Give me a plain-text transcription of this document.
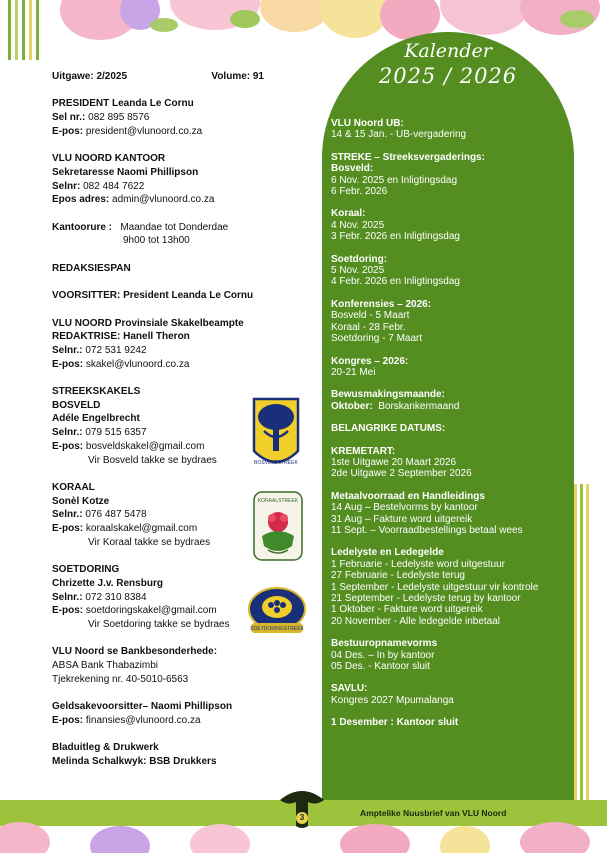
Kalender
2025 / 2026
VLU Noord UB:
14 & 15 Jan. - UB-vergadering
STREKE – Streeksvergaderings:
Bosveld:
6 Nov. 2025 en Inligtingsdag
6 Febr. 2026
Koraal:
4 Nov. 2025
3 Febr. 2026 en Inligtingsdag
Soetdoring:
5 Nov. 2025
4 Febr. 2026 en Inligtingsdag
Konferensies – 2026:
Bosveld - 5 Maart
Koraal - 28 Febr.
Soetdoring - 7 Maart
Kongres – 2026:
20-21 Mei
Bewusmakingsmaande:
Oktober: Borskankermaand
BELANGRIKE DATUMS:
KREMETART:
1ste Uitgawe 20 Maart 2026
2de Uitgawe 2 September 2026
Metaalvoorraad en Handleidings
14 Aug – Bestelvorms by kantoor
31 Aug – Fakture word uitgereik
11 Sept. – Voorraadbestellings betaal wees
Ledelyste en Ledegelde
1 Februarie - Ledelyste word uitgestuur
27 Februarie - Ledelyste terug
1 September - Ledelyste uitgestuur vir kontrole
21 September - Ledelyste terug by kantoor
1 Oktober - Fakture word uitgereik
20 November - Alle ledegelde inbetaal
Bestuuropnamevorms
04 Des. – In by kantoor
05 Des. - Kantoor sluit
SAVLU:
Kongres 2027 Mpumalanga
1 Desember : Kantoor sluit
Uitgawe: 2/2025	Volume: 91
PRESIDENT Leanda Le Cornu
Sel nr.: 082 895 8576
E-pos: president@vlunoord.co.za
VLU NOORD KANTOOR
Sekretaresse Naomi Phillipson
Selnr: 082 484 7622
Epos adres: admin@vlunoord.co.za
Kantoorure : Maandae tot Donderdae
9h00 tot 13h00
REDAKSIESPAN
VOORSITTER: President Leanda Le Cornu
VLU NOORD Provinsiale Skakelbeampte
REDAKTRISE: Hanell Theron
Selnr.: 072 531 9242
E-pos: skakel@vlunoord.co.za
STREEKSKAKELS
BOSVELD
Adéle Engelbrecht
Selnr.: 079 515 6357
E-pos: bosveldskakel@gmail.com
Vir Bosveld takke se bydraes
KORAAL
Sonèl Kotze
Selnr.: 076 487 5478
E-pos: koraalskakel@gmail.com
Vir Koraal takke se bydraes
SOETDORING
Chrizette J.v. Rensburg
Selnr.: 072 310 8384
E-pos: soetdoringskakel@gmail.com
Vir Soetdoring takke se bydraes
VLU Noord se Bankbesonderhede:
ABSA Bank Thabazimbi
Tjekrekening nr. 40-5010-6563
Geldsakevoorsitter– Naomi Phillipson
E-pos: finansies@vlunoord.co.za
Bladuitleg & Drukwerk
Melinda Schalkwyk: BSB Drukkers
BOSVELDSTREEK
KORAALSTREEK
SOETDORINGSTREEK
3	Amptelike Nuusbrief van VLU Noord
